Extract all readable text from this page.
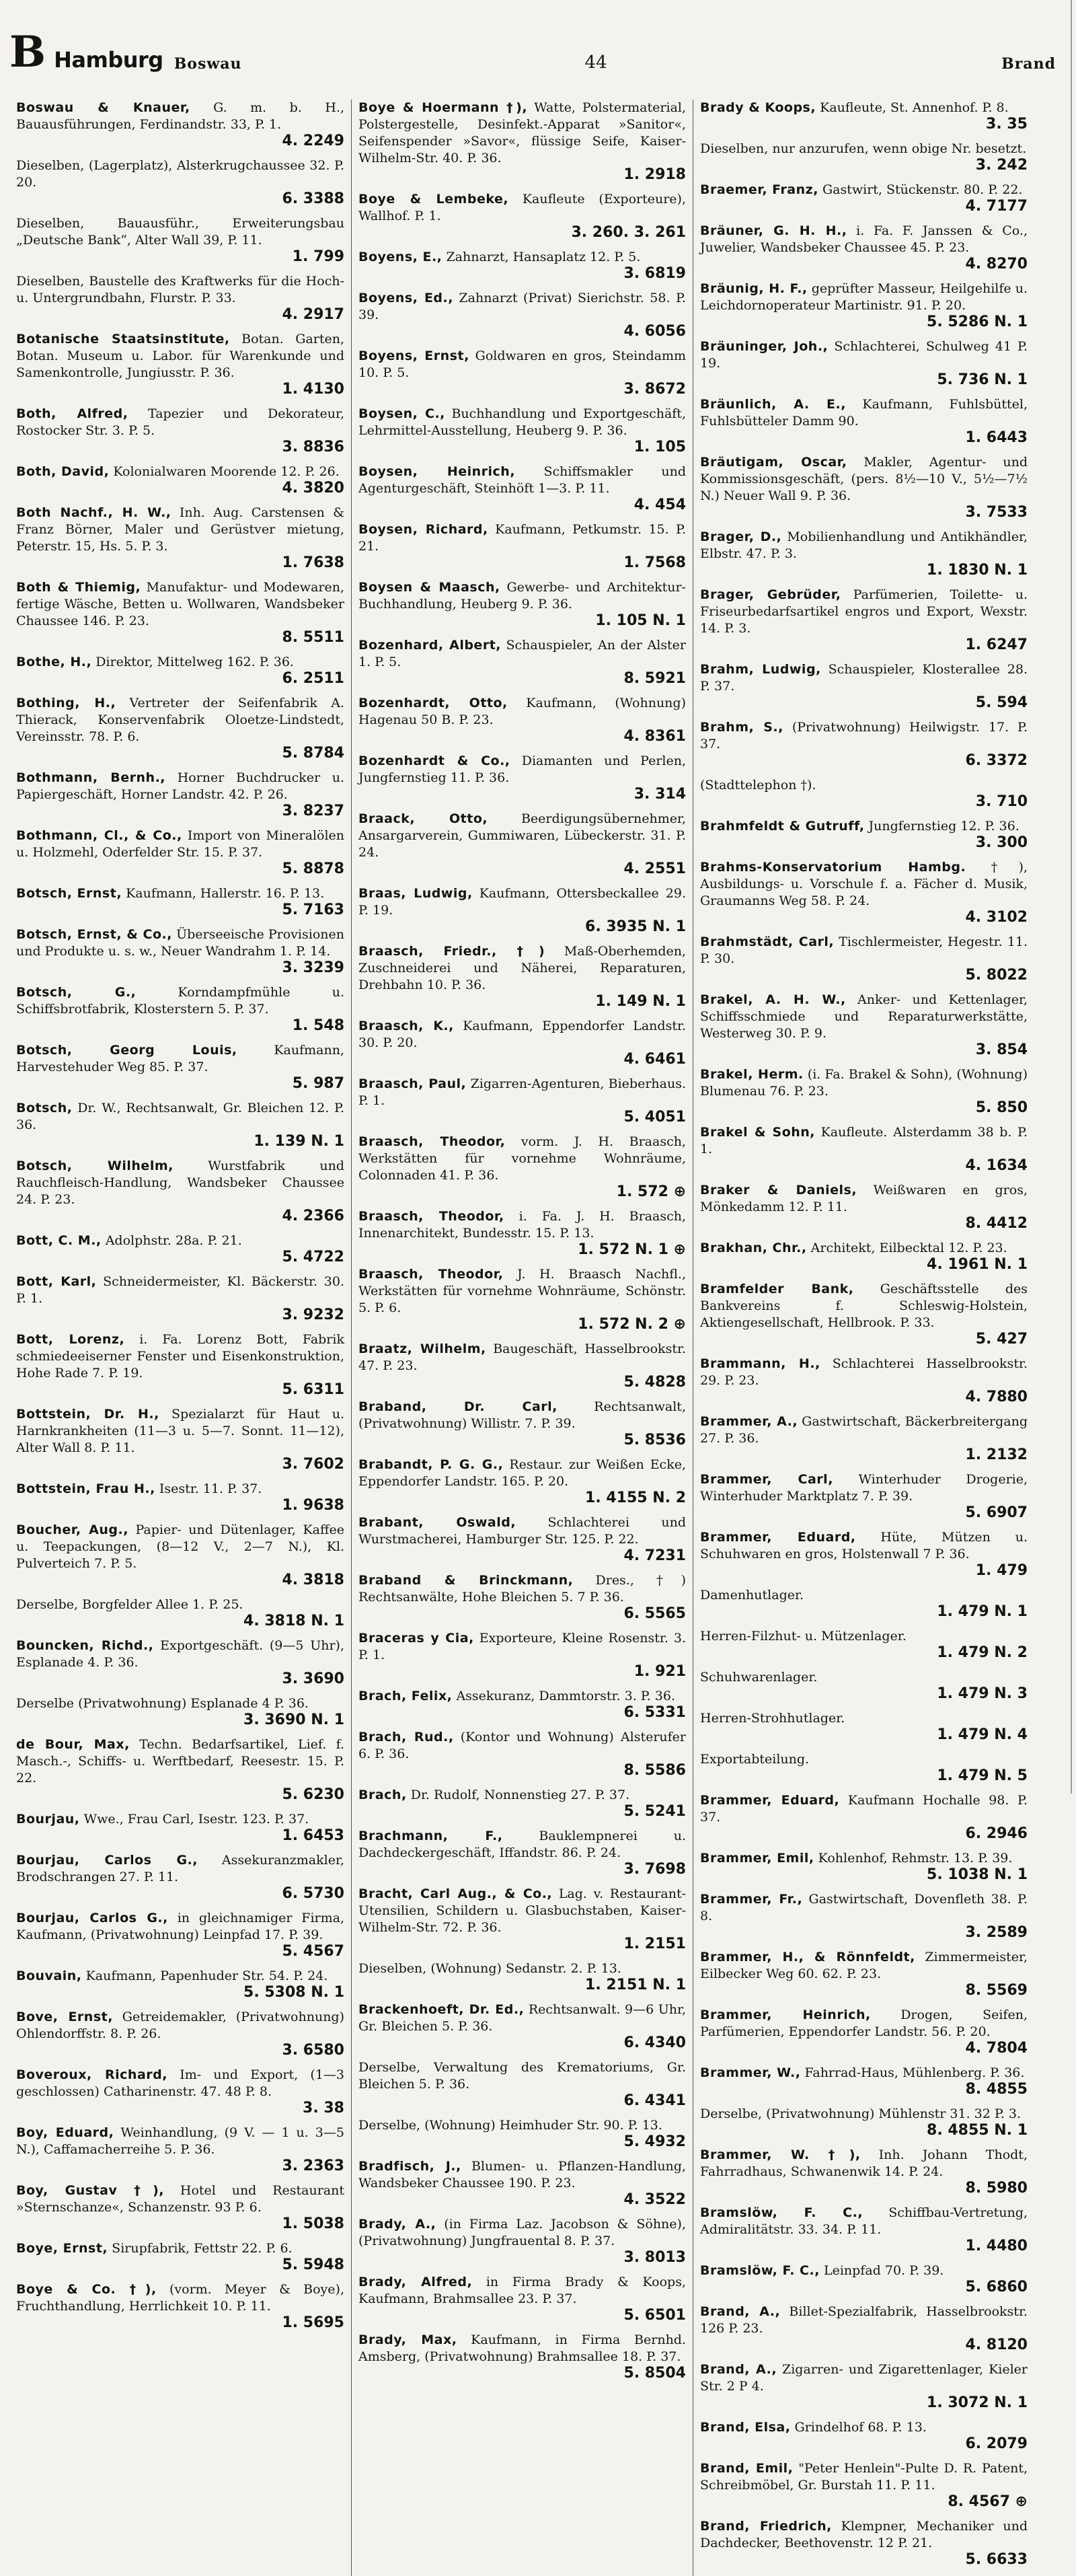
B Hamburg Boswau	44	Brand
Boswau & Knauer, G. m. b. H., Bauausführungen, Ferdinandstr. 33, P. 1.
4. 2249
Dieselben, (Lagerplatz), Alsterkrugchaussee 32. P. 20.
6. 3388
Dieselben, Bauausführ., Erweiterungsbau „Deutsche Bank“, Alter Wall 39, P. 11.
1. 799
Dieselben, Baustelle des Kraftwerks für die Hoch- u. Untergrundbahn, Flurstr. P. 33.
4. 2917
Botanische Staatsinstitute, Botan. Garten, Botan. Museum u. Labor. für Warenkunde und Samenkontrolle, Jungiusstr. P. 36.
1. 4130
Both, Alfred, Tapezier und Dekorateur, Rostocker Str. 3. P. 5.
3. 8836
Both, David, Kolonialwaren Moorende 12. P. 26.
4. 3820
Both Nachf., H. W., Inh. Aug. Carstensen & Franz Börner, Maler und Gerüstver mietung, Peterstr. 15, Hs. 5. P. 3.
1. 7638
Both & Thiemig, Manufaktur- und Modewaren, fertige Wäsche, Betten u. Wollwaren, Wandsbeker Chaussee 146. P. 23.
8. 5511
Bothe, H., Direktor, Mittelweg 162. P. 36.
6. 2511
Bothing, H., Vertreter der Seifenfabrik A. Thierack, Konservenfabrik Oloetze-Lindstedt, Vereinsstr. 78. P. 6.
5. 8784
Bothmann, Bernh., Horner Buchdrucker u. Papiergeschäft, Horner Landstr. 42. P. 26.
3. 8237
Bothmann, Cl., & Co., Import von Mineralölen u. Holzmehl, Oderfelder Str. 15. P. 37.
5. 8878
Botsch, Ernst, Kaufmann, Hallerstr. 16. P. 13.
5. 7163
Botsch, Ernst, & Co., Überseeische Provisionen und Produkte u. s. w., Neuer Wandrahm 1. P. 14.
3. 3239
Botsch, G.,	Korndampfmühle u. Schiffsbrotfabrik, Klosterstern 5. P. 37.
1. 548
Botsch, Georg Louis,	Kaufmann, Harvestehuder Weg 85. P. 37.
5. 987
Botsch, Dr. W., Rechtsanwalt, Gr. Bleichen 12. P. 36.
1. 139 N. 1
Botsch, Wilhelm,	Wurstfabrik und Rauchfleisch-Handlung, Wandsbeker Chaussee 24. P. 23.
4. 2366
Bott, C. M., Adolphstr. 28a. P. 21.
5. 4722
Bott, Karl, Schneidermeister, Kl. Bäckerstr. 30. P. 1.
3. 9232
Bott, Lorenz, i. Fa. Lorenz Bott, Fabrik schmiedeeiserner Fenster und Eisenkonstruktion, Hohe Rade 7. P. 19.
5. 6311
Bottstein, Dr. H., Spezialarzt für Haut u. Harnkrankheiten (11—3 u. 5—7. Sonnt. 11—12), Alter Wall 8. P. 11.
3. 7602
Bottstein, Frau H., Isestr. 11. P. 37.
1. 9638
Boucher, Aug., Papier- und Dütenlager, Kaffee u. Teepackungen, (8—12 V., 2—7 N.), Kl. Pulverteich 7. P. 5.
4. 3818
Derselbe, Borgfelder Allee 1. P. 25.
4. 3818 N. 1
Bouncken, Richd., Exportgeschäft. (9—5 Uhr), Esplanade 4. P. 36.
3. 3690
Derselbe (Privatwohnung) Esplanade 4 P. 36.
3. 3690 N. 1
de Bour, Max, Techn. Bedarfsartikel, Lief. f. Masch.-, Schiffs- u. Werftbedarf, Reesestr. 15. P. 22.
5. 6230
Bourjau, Wwe., Frau Carl, Isestr. 123. P. 37.
1. 6453
Bourjau, Carlos G., Assekuranzmakler, Brodschrangen 27. P. 11.
6. 5730
Bourjau, Carlos G., in gleichnamiger Firma, Kaufmann, (Privatwohnung) Leinpfad 17. P. 39.
5. 4567
Bouvain, Kaufmann, Papenhuder Str. 54. P. 24.
5. 5308 N. 1
Bove, Ernst, Getreidemakler, (Privatwohnung) Ohlendorffstr. 8. P. 26.
3. 6580
Boveroux, Richard, Im- und Export, (1—3 geschlossen) Catharinenstr. 47. 48 P. 8.
3. 38
Boy, Eduard, Weinhandlung, (9 V. — 1 u. 3—5 N.), Caffamacherreihe 5. P. 36.
3. 2363
Boy, Gustav †), Hotel und Restaurant »Sternschanze«, Schanzenstr. 93 P. 6.
1. 5038
Boye, Ernst, Sirupfabrik, Fettstr 22. P. 6.
5. 5948
Boye & Co. †), (vorm. Meyer & Boye), Fruchthandlung, Herrlichkeit 10. P. 11.
1. 5695
Boye & Hoermann †), Watte, Polstermaterial, Polstergestelle, Desinfekt.-Apparat »Sanitor«, Seifenspender »Savor«, flüssige Seife, Kaiser-Wilhelm-Str. 40. P. 36.
1. 2918
Boye & Lembeke, Kaufleute (Exporteure), Wallhof. P. 1.
3. 260. 3. 261
Boyens, E., Zahnarzt, Hansaplatz 12. P. 5.
3. 6819
Boyens, Ed., Zahnarzt (Privat) Sierichstr. 58. P. 39.
4. 6056
Boyens, Ernst, Goldwaren en gros, Steindamm 10. P. 5.
3. 8672
Boysen, C., Buchhandlung und Exportgeschäft, Lehrmittel-Ausstellung, Heuberg 9. P. 36.
1. 105
Boysen, Heinrich, Schiffsmakler und Agenturgeschäft, Steinhöft 1—3. P. 11.
4. 454
Boysen, Richard, Kaufmann, Petkumstr. 15. P. 21.
1. 7568
Boysen & Maasch, Gewerbe- und Architektur-Buchhandlung, Heuberg 9. P. 36.
1. 105 N. 1
Bozenhard, Albert, Schauspieler, An der Alster 1. P. 5.
8. 5921
Bozenhardt, Otto, Kaufmann, (Wohnung) Hagenau 50 B. P. 23.
4. 8361
Bozenhardt & Co., Diamanten und Perlen, Jungfernstieg 11. P. 36.
3. 314
Braack, Otto,	Beerdigungsübernehmer, Ansargarverein, Gummiwaren, Lübeckerstr. 31. P. 24.
4. 2551
Braas, Ludwig, Kaufmann, Ottersbeckallee 29. P. 19.
6. 3935 N. 1
Braasch, Friedr., †) Maß-Oberhemden, Zuschneiderei und Näherei, Reparaturen, Drehbahn 10. P. 36.
1. 149 N. 1
Braasch, K., Kaufmann, Eppendorfer Landstr. 30. P. 20.
4. 6461
Braasch, Paul, Zigarren-Agenturen, Bieberhaus. P. 1.
5. 4051
Braasch, Theodor, vorm. J. H. Braasch, Werkstätten für vornehme Wohnräume, Colonnaden 41. P. 36.
1. 572 ⊕
Braasch, Theodor, i. Fa. J. H. Braasch, Innenarchitekt, Bundesstr. 15. P. 13.
1. 572 N. 1 ⊕
Braasch, Theodor, J. H. Braasch Nachfl., Werkstätten für vornehme Wohnräume, Schönstr. 5. P. 6.
1. 572 N. 2 ⊕
Braatz, Wilhelm, Baugeschäft, Hasselbrookstr. 47. P. 23.
5. 4828
Braband, Dr. Carl,	Rechtsanwalt, (Privatwohnung) Willistr. 7. P. 39.
5. 8536
Brabandt, P. G. G., Restaur. zur Weißen Ecke, Eppendorfer Landstr. 165. P. 20.
1. 4155 N. 2
Brabant, Oswald, Schlachterei und Wurstmacherei, Hamburger Str. 125. P. 22.
4. 7231
Braband & Brinckmann, Dres., †) Rechtsanwälte, Hohe Bleichen 5. 7 P. 36.
6. 5565
Braceras y Cia, Exporteure, Kleine Rosenstr. 3. P. 1.
1. 921
Brach, Felix, Assekuranz, Dammtorstr. 3. P. 36.
6. 5331
Brach, Rud., (Kontor und Wohnung) Alsterufer 6. P. 36.
8. 5586
Brach, Dr. Rudolf, Nonnenstieg 27. P. 37.
5. 5241
Brachmann, F.,	Bauklempnerei u. Dachdeckergeschäft, Iffandstr. 86. P. 24.
3. 7698
Bracht, Carl Aug., & Co., Lag. v. Restaurant-Utensilien, Schildern u. Glasbuchstaben, Kaiser-Wilhelm-Str. 72. P. 36.
1. 2151
Dieselben, (Wohnung) Sedanstr. 2. P. 13.
1. 2151 N. 1
Brackenhoeft, Dr. Ed., Rechtsanwalt. 9—6 Uhr, Gr. Bleichen 5. P. 36.
6. 4340
Derselbe, Verwaltung des Krematoriums, Gr. Bleichen 5. P. 36.
6. 4341
Derselbe, (Wohnung) Heimhuder Str. 90. P. 13.
5. 4932
Bradfisch, J., Blumen- u. Pflanzen-Handlung, Wandsbeker Chaussee 190. P. 23.
4. 3522
Brady, A., (in Firma Laz. Jacobson & Söhne), (Privatwohnung) Jungfrauental 8. P. 37.
3. 8013
Brady, Alfred, in Firma Brady & Koops, Kaufmann, Brahmsallee 23. P. 37.
5. 6501
Brady, Max, Kaufmann, in Firma Bernhd. Amsberg, (Privatwohnung) Brahmsallee 18. P. 37.
5. 8504
Brady & Koops, Kaufleute, St. Annenhof. P. 8.
3. 35
Dieselben, nur anzurufen, wenn obige Nr. besetzt.
3. 242
Braemer, Franz, Gastwirt, Stückenstr. 80. P. 22.
4. 7177
Bräuner, G. H. H., i. Fa. F. Janssen & Co., Juwelier, Wandsbeker Chaussee 45. P. 23.
4. 8270
Bräunig, H. F., geprüfter Masseur, Heilgehilfe u. Leichdornoperateur Martinistr. 91. P. 20.
5. 5286 N. 1
Bräuninger, Joh., Schlachterei, Schulweg 41 P. 19.
5. 736 N. 1
Bräunlich, A. E., Kaufmann, Fuhlsbüttel, Fuhlsbütteler Damm 90.
1. 6443
Bräutigam, Oscar, Makler, Agentur- und Kommissionsgeschäft, (pers. 8½—10 V., 5½—7½ N.) Neuer Wall 9. P. 36.
3. 7533
Brager, D., Mobilienhandlung und Antikhändler, Elbstr. 47. P. 3.
1. 1830 N. 1
Brager, Gebrüder, Parfümerien, Toilette- u. Friseurbedarfsartikel engros und Export, Wexstr. 14. P. 3.
1. 6247
Brahm, Ludwig, Schauspieler, Klosterallee 28. P. 37.
5. 594
Brahm, S., (Privatwohnung) Heilwigstr. 17. P. 37.
6. 3372
(Stadttelephon †).
3. 710
Brahmfeldt & Gutruff, Jungfernstieg 12. P. 36.
3. 300
Brahms-Konservatorium Hambg. †), Ausbildungs- u. Vorschule f. a. Fächer d. Musik, Graumanns Weg 58. P. 24.
4. 3102
Brahmstädt, Carl, Tischlermeister, Hegestr. 11. P. 30.
5. 8022
Brakel, A. H. W., Anker- und Kettenlager, Schiffsschmiede und Reparaturwerkstätte, Westerweg 30. P. 9.
3. 854
Brakel, Herm. (i. Fa. Brakel & Sohn), (Wohnung) Blumenau 76. P. 23.
5. 850
Brakel & Sohn, Kaufleute. Alsterdamm 38 b. P. 1.
4. 1634
Braker & Daniels, Weißwaren en gros, Mönkedamm 12. P. 11.
8. 4412
Brakhan, Chr., Architekt, Eilbecktal 12. P. 23.
4. 1961 N. 1
Bramfelder Bank, Geschäftsstelle des Bankvereins f. Schleswig-Holstein, Aktiengesellschaft, Hellbrook. P. 33.
5. 427
Brammann, H., Schlachterei Hasselbrookstr. 29. P. 23.
4. 7880
Brammer, A., Gastwirtschaft, Bäckerbreitergang 27. P. 36.
1. 2132
Brammer, Carl, Winterhuder Drogerie, Winterhuder Marktplatz 7. P. 39.
5. 6907
Brammer, Eduard, Hüte, Mützen u. Schuhwaren en gros, Holstenwall 7 P. 36.
1. 479
Damenhutlager.
1. 479 N. 1
Herren-Filzhut- u. Mützenlager.
1. 479 N. 2
Schuhwarenlager.
1. 479 N. 3
Herren-Strohhutlager.
1. 479 N. 4
Exportabteilung.
1. 479 N. 5
Brammer, Eduard, Kaufmann Hochalle 98. P. 37.
6. 2946
Brammer, Emil, Kohlenhof, Rehmstr. 13. P. 39.
5. 1038 N. 1
Brammer, Fr., Gastwirtschaft, Dovenfleth 38. P. 8.
3. 2589
Brammer, H., & Rönnfeldt, Zimmermeister, Eilbecker Weg 60. 62. P. 23.
8. 5569
Brammer, Heinrich, Drogen, Seifen, Parfümerien, Eppendorfer Landstr. 56. P. 20.
4. 7804
Brammer, W., Fahrrad-Haus, Mühlenberg. P. 36.
8. 4855
Derselbe, (Privatwohnung) Mühlenstr 31. 32 P. 3.
8. 4855 N. 1
Brammer, W. †), Inh. Johann Thodt, Fahrradhaus, Schwanenwik 14. P. 24.
8. 5980
Bramslöw, F. C., Schiffbau-Vertretung, Admiralitätstr. 33. 34. P. 11.
1. 4480
Bramslöw, F. C., Leinpfad 70. P. 39.
5. 6860
Brand, A., Billet-Spezialfabrik, Hasselbrookstr. 126 P. 23.
4. 8120
Brand, A., Zigarren- und Zigarettenlager, Kieler Str. 2 P 4.
1. 3072 N. 1
Brand, Elsa, Grindelhof 68. P. 13.
6. 2079
Brand, Emil, "Peter Henlein"-Pulte D. R. Patent, Schreibmöbel, Gr. Burstah 11. P. 11.
8. 4567 ⊕
Brand, Friedrich, Klempner, Mechaniker und Dachdecker, Beethovenstr. 12 P. 21.
5. 6633
